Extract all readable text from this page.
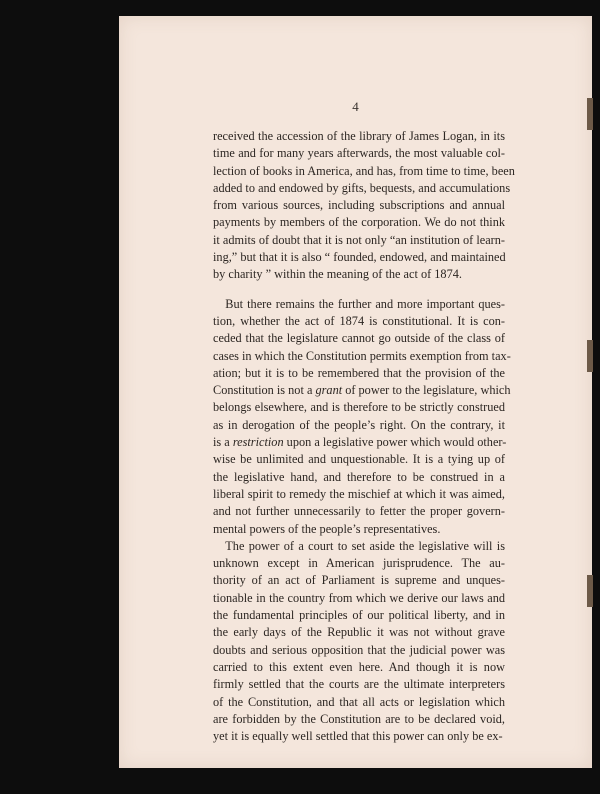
4
received the accession of the library of James Logan, in its
time and for many years afterwards, the most valuable col-
lection of books in America, and has, from time to time, been
added to and endowed by gifts, bequests, and accumulations
from various sources, including subscriptions and annual
payments by members of the corporation. We do not think
it admits of doubt that it is not only “an institution of learn-
ing,” but that it is also “ founded, endowed, and maintained
by charity ” within the meaning of the act of 1874.
 But there remains the further and more important ques-
tion, whether the act of 1874 is constitutional. It is con-
ceded that the legislature cannot go outside of the class of
cases in which the Constitution permits exemption from tax-
ation; but it is to be remembered that the provision of the
Constitution is not a grant of power to the legislature, which
belongs elsewhere, and is therefore to be strictly construed
as in derogation of the people’s right. On the contrary, it
is a restriction upon a legislative power which would other-
wise be unlimited and unquestionable. It is a tying up of
the legislative hand, and therefore to be construed in a
liberal spirit to remedy the mischief at which it was aimed,
and not further unnecessarily to fetter the proper govern-
mental powers of the people’s representatives.
 The power of a court to set aside the legislative will is
unknown except in American jurisprudence. The au-
thority of an act of Parliament is supreme and unques-
tionable in the country from which we derive our laws and
the fundamental principles of our political liberty, and in
the early days of the Republic it was not without grave
doubts and serious opposition that the judicial power was
carried to this extent even here. And though it is now
firmly settled that the courts are the ultimate interpreters
of the Constitution, and that all acts or legislation which
are forbidden by the Constitution are to be declared void,
yet it is equally well settled that this power can only be ex-
